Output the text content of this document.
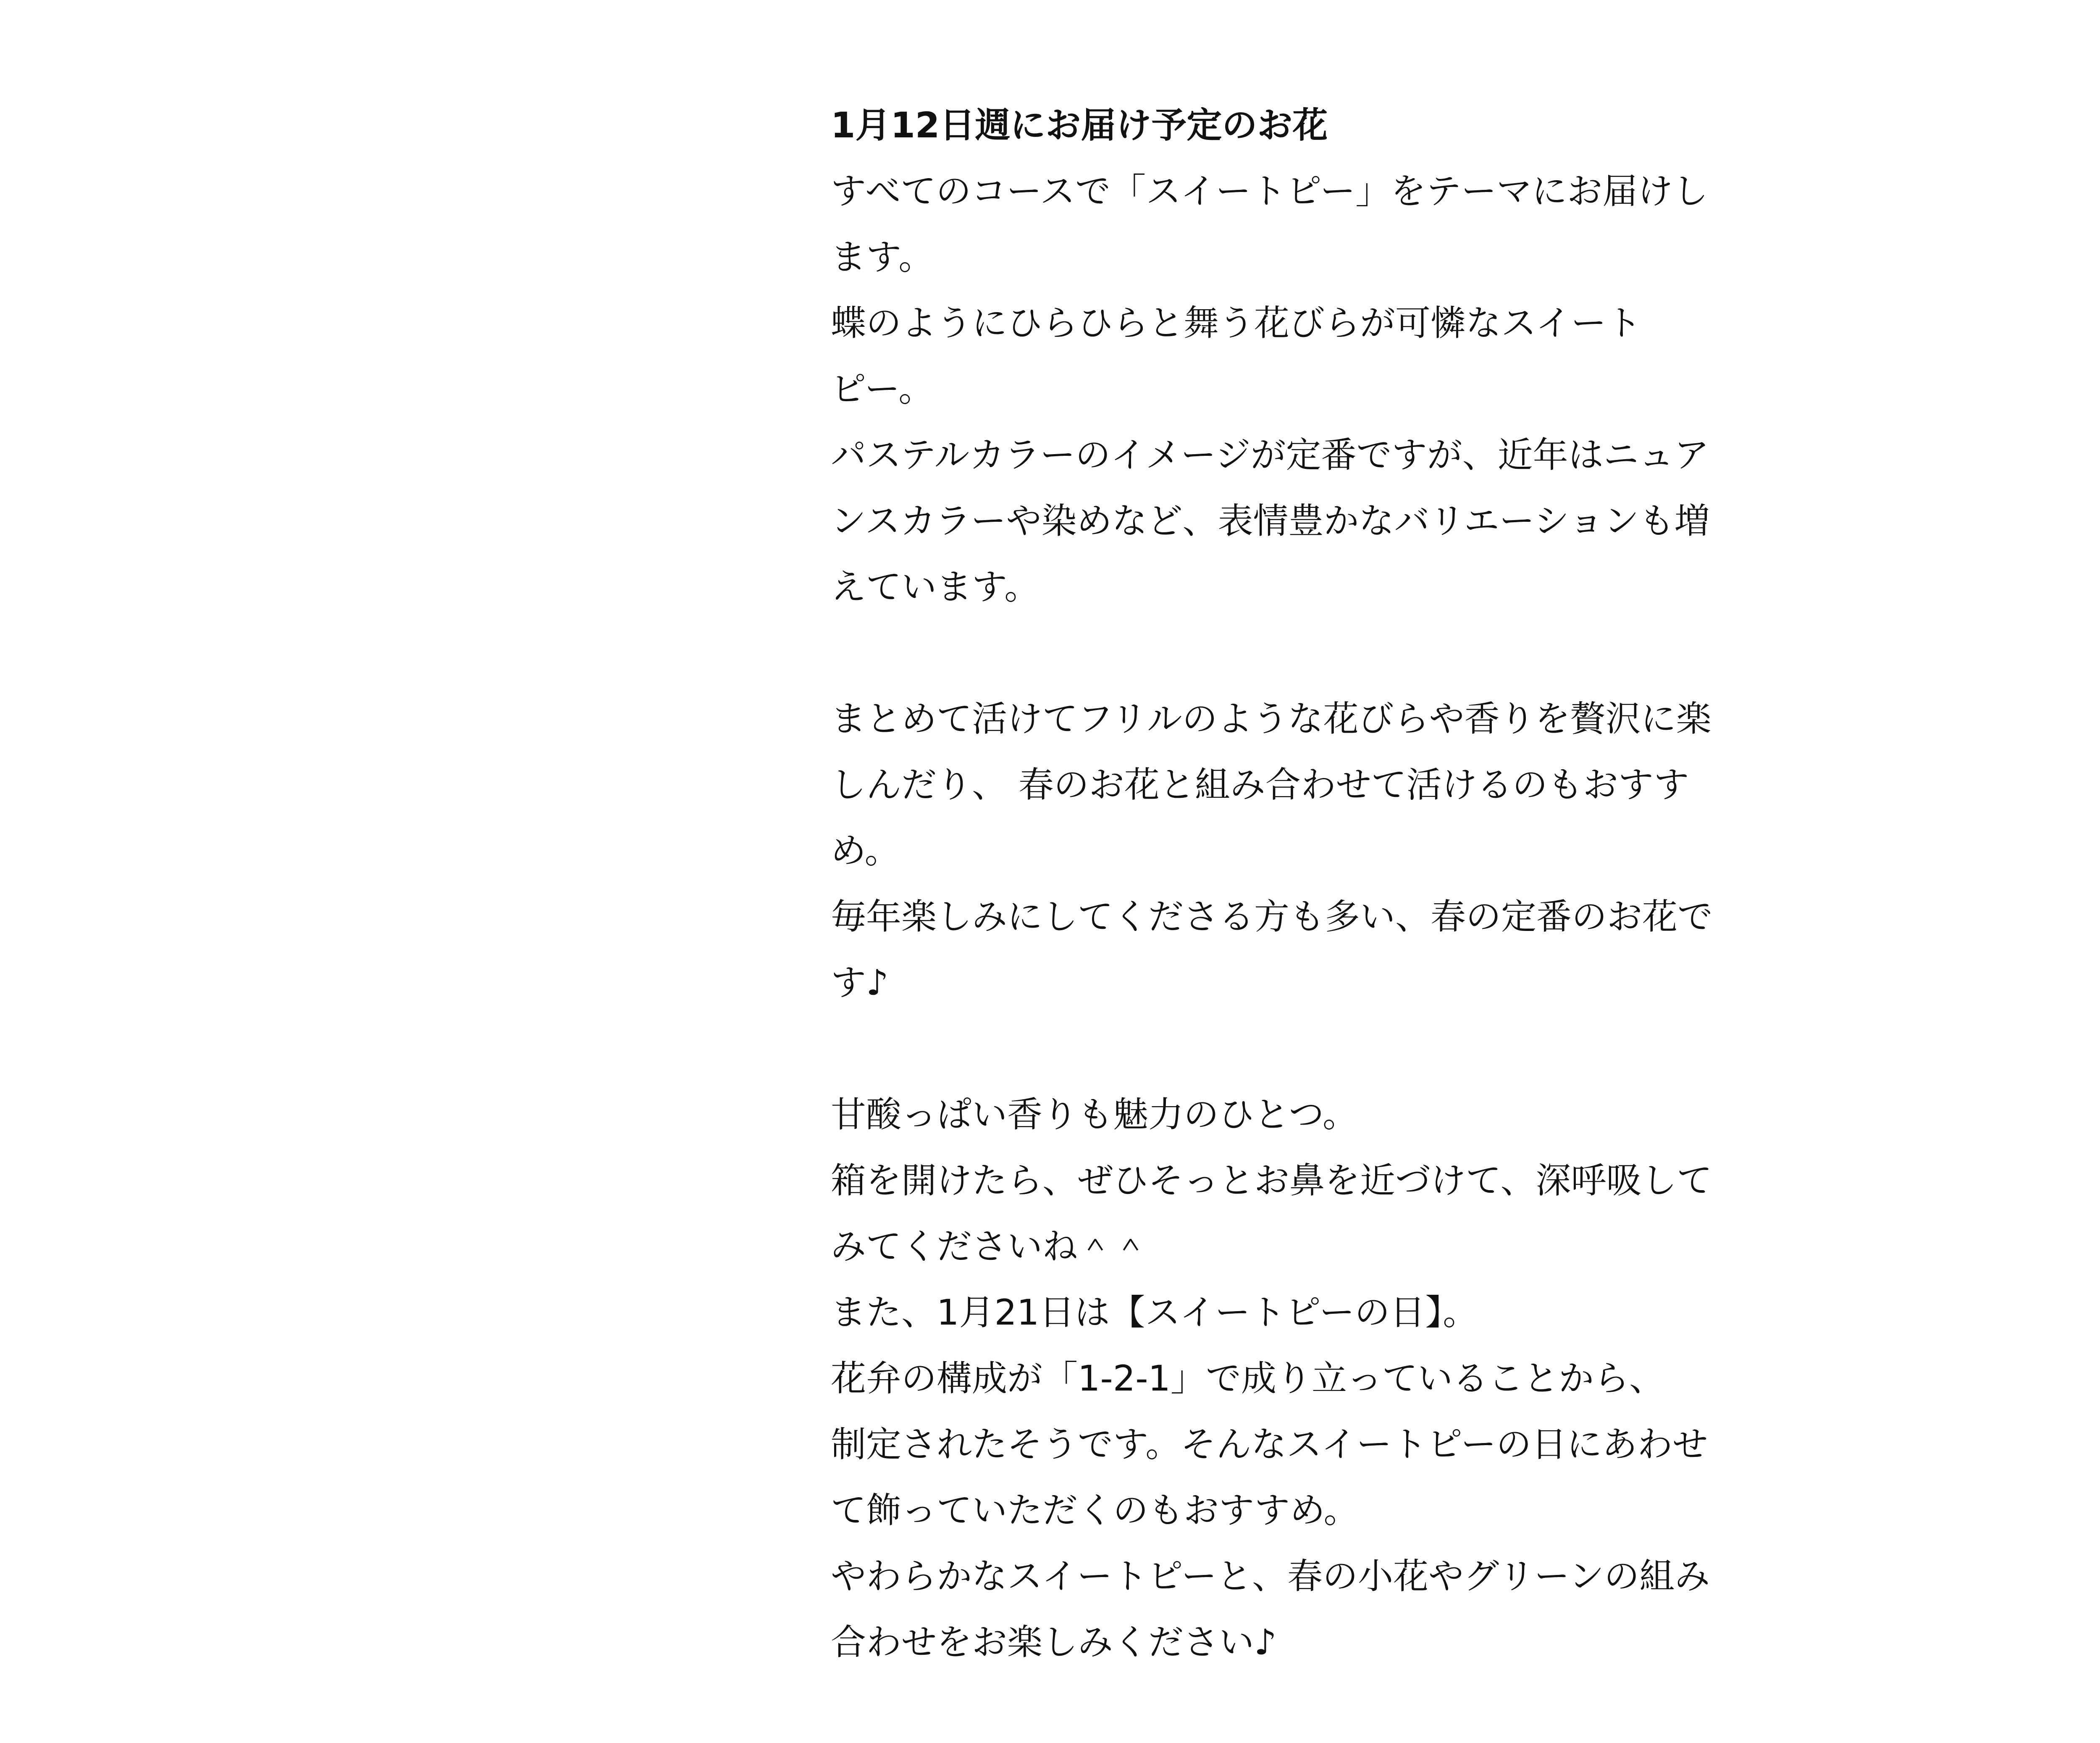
1月12日週にお届け予定のお花

すべてのコースで「スイートピー」をテーマにお届けし

ます。

蝶のようにひらひらと舞う花びらが可憐なスイート

ピー。

パステルカラーのイメージが定番ですが、近年はニュア

ンスカラーや染めなど、表情豊かなバリエーションも増

えています。

まとめて活けてフリルのような花びらや香りを贅沢に楽

しんだり、 春のお花と組み合わせて活けるのもおすす

め。

毎年楽しみにしてくださる方も多い、春の定番のお花で

す♪

甘酸っぱい香りも魅力のひとつ。

箱を開けたら、ぜひそっとお鼻を近づけて、深呼吸して

みてくださいね＾＾

また、1月21日は【スイートピーの日】。

花弁の構成が「1‐2‐1」で成り立っていることから、

制定されたそうです。そんなスイートピーの日にあわせ

て飾っていただくのもおすすめ。

やわらかなスイートピーと、春の小花やグリーンの組み

合わせをお楽しみください♪
